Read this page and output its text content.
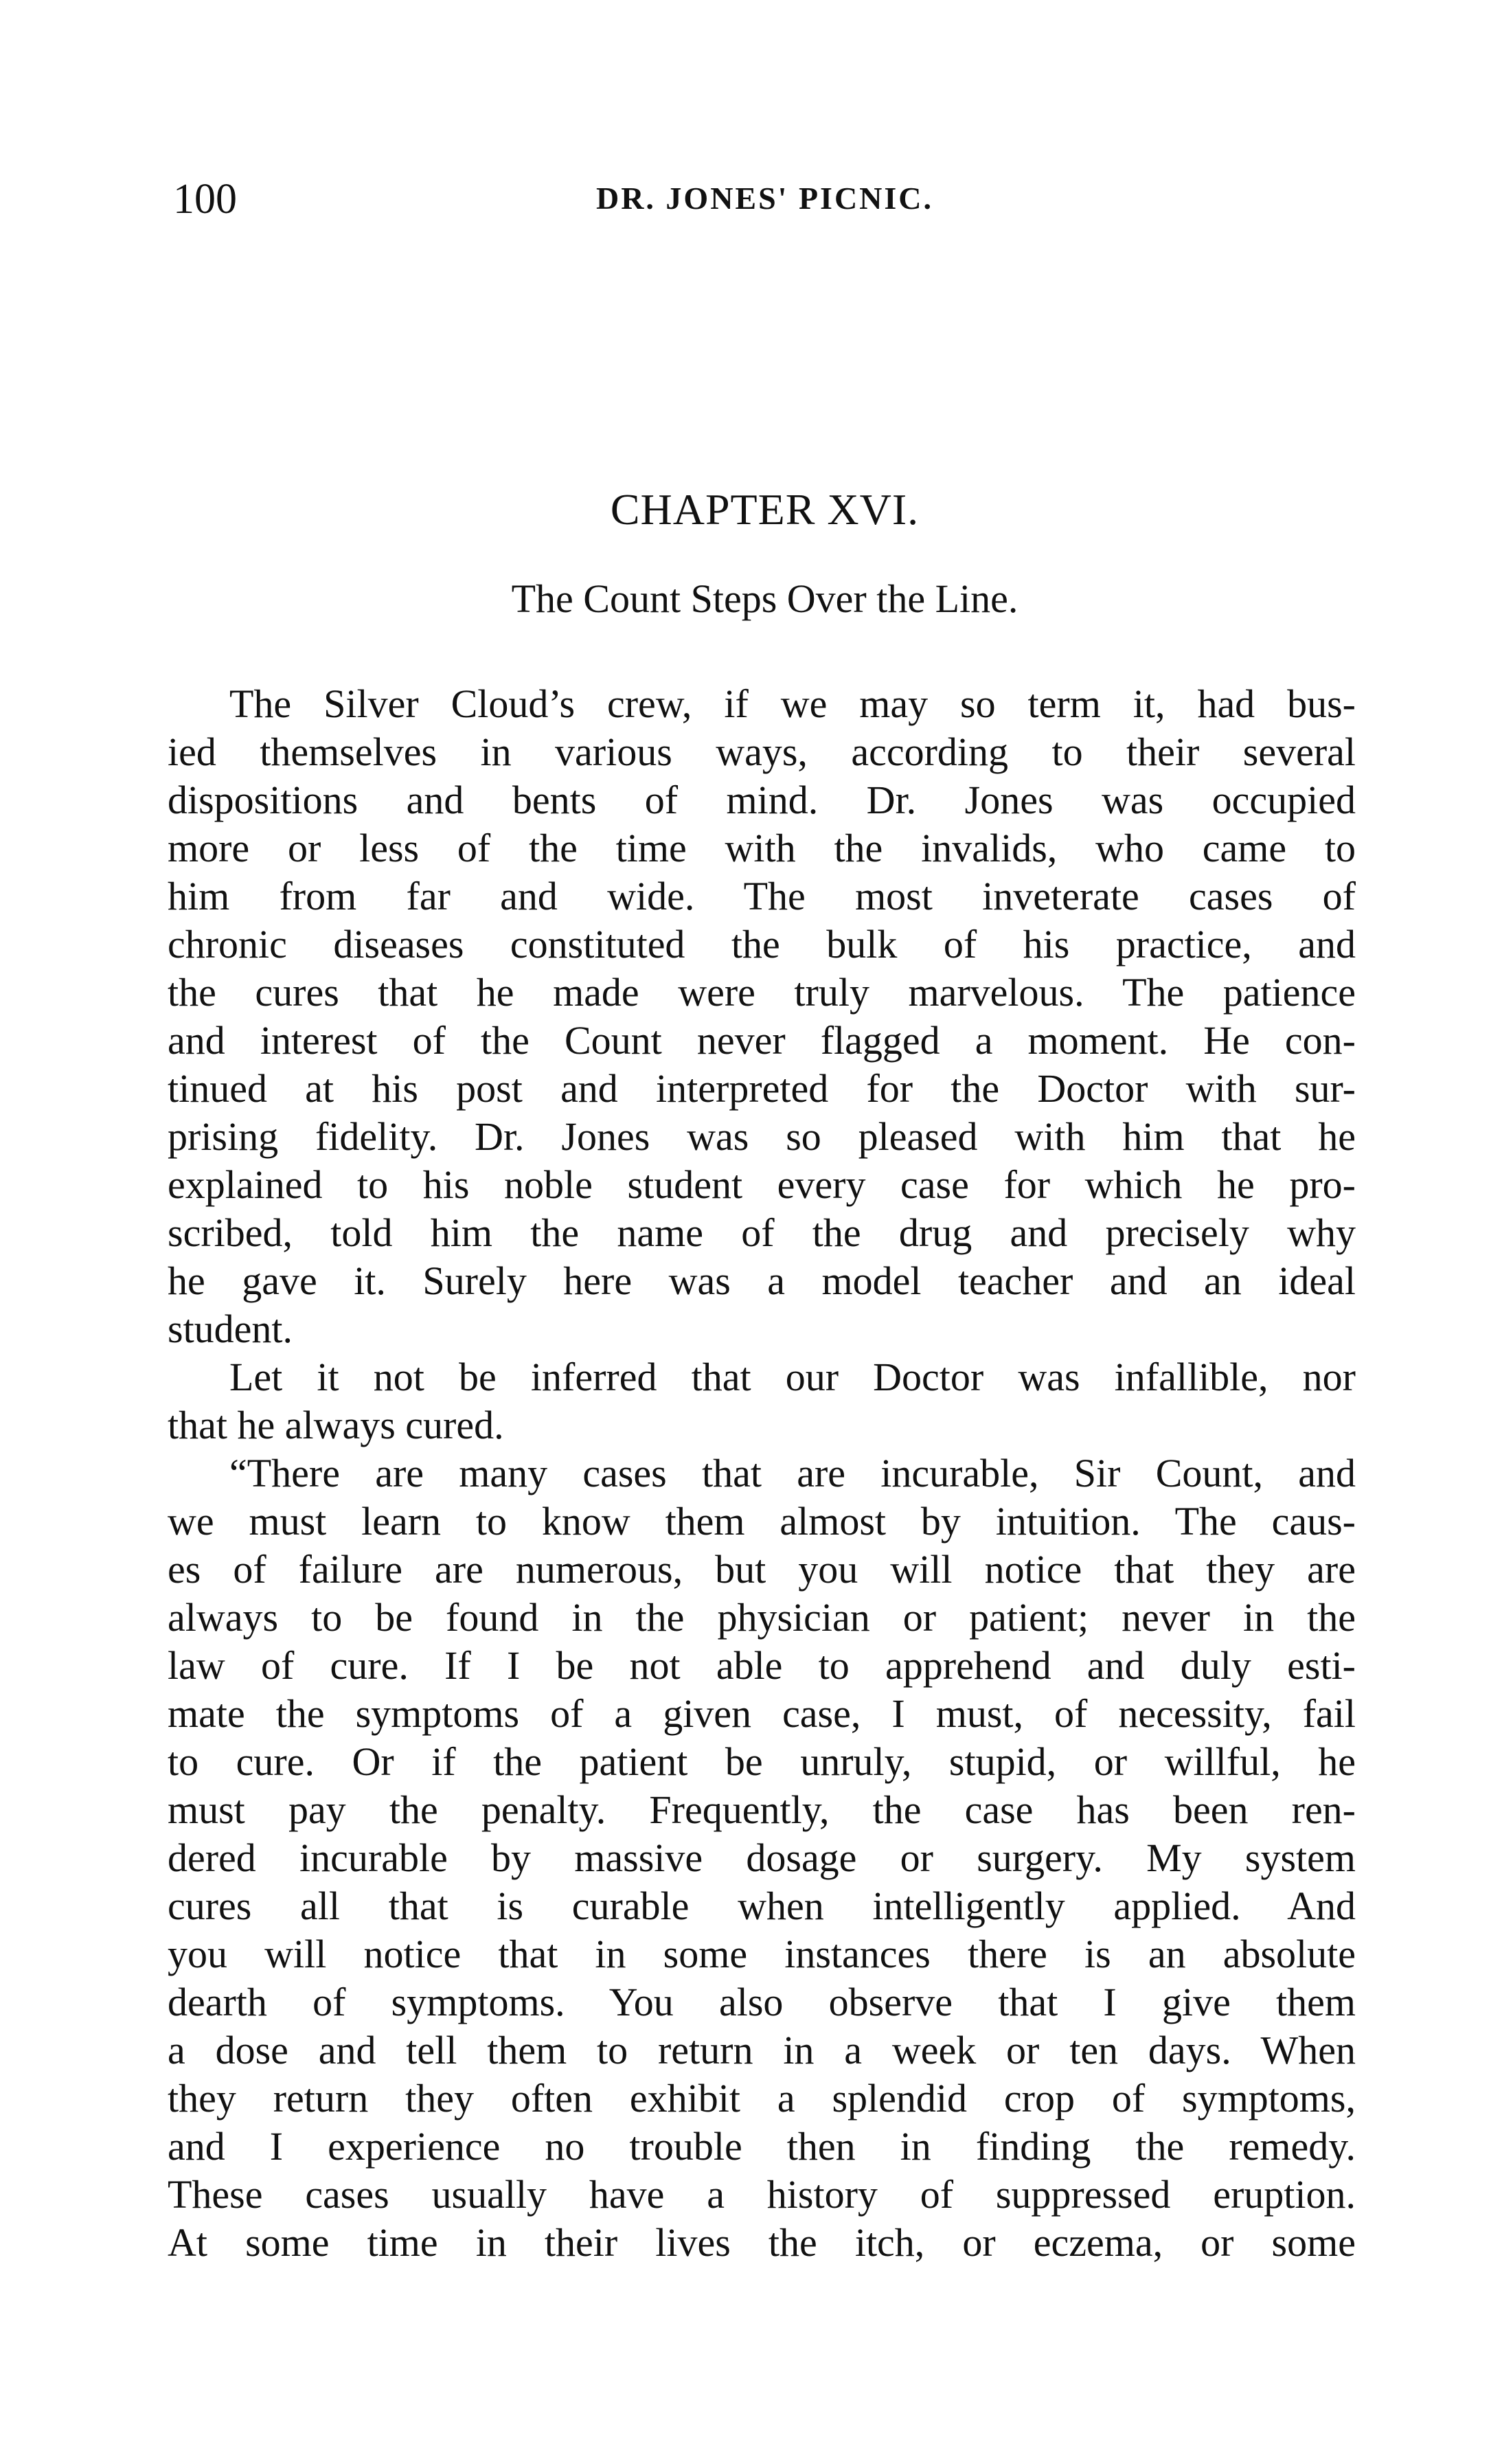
100	DR. JONES' PICNIC.
CHAPTER XVI.
The Count Steps Over the Line.
The Silver Cloud’s crew, if we may so term it, had bus-
ied themselves in various ways, according to their several
dispositions and bents of mind. Dr. Jones was occupied
more or less of the time with the invalids, who came to
him from far and wide. The most inveterate cases of
chronic diseases constituted the bulk of his practice, and
the cures that he made were truly marvelous. The patience
and interest of the Count never flagged a moment. He con-
tinued at his post and interpreted for the Doctor with sur-
prising fidelity. Dr. Jones was so pleased with him that he
explained to his noble student every case for which he pro-
scribed, told him the name of the drug and precisely why
he gave it. Surely here was a model teacher and an ideal
student.
Let it not be inferred that our Doctor was infallible, nor
that he always cured.
“There are many cases that are incurable, Sir Count, and
we must learn to know them almost by intuition. The caus-
es of failure are numerous, but you will notice that they are
always to be found in the physician or patient; never in the
law of cure. If I be not able to apprehend and duly esti-
mate the symptoms of a given case, I must, of necessity, fail
to cure. Or if the patient be unruly, stupid, or willful, he
must pay the penalty. Frequently, the case has been ren-
dered incurable by massive dosage or surgery. My system
cures all that is curable when intelligently applied. And
you will notice that in some instances there is an absolute
dearth of symptoms. You also observe that I give them
a dose and tell them to return in a week or ten days. When
they return they often exhibit a splendid crop of symptoms,
and I experience no trouble then in finding the remedy.
These cases usually have a history of suppressed eruption.
At some time in their lives the itch, or eczema, or some
